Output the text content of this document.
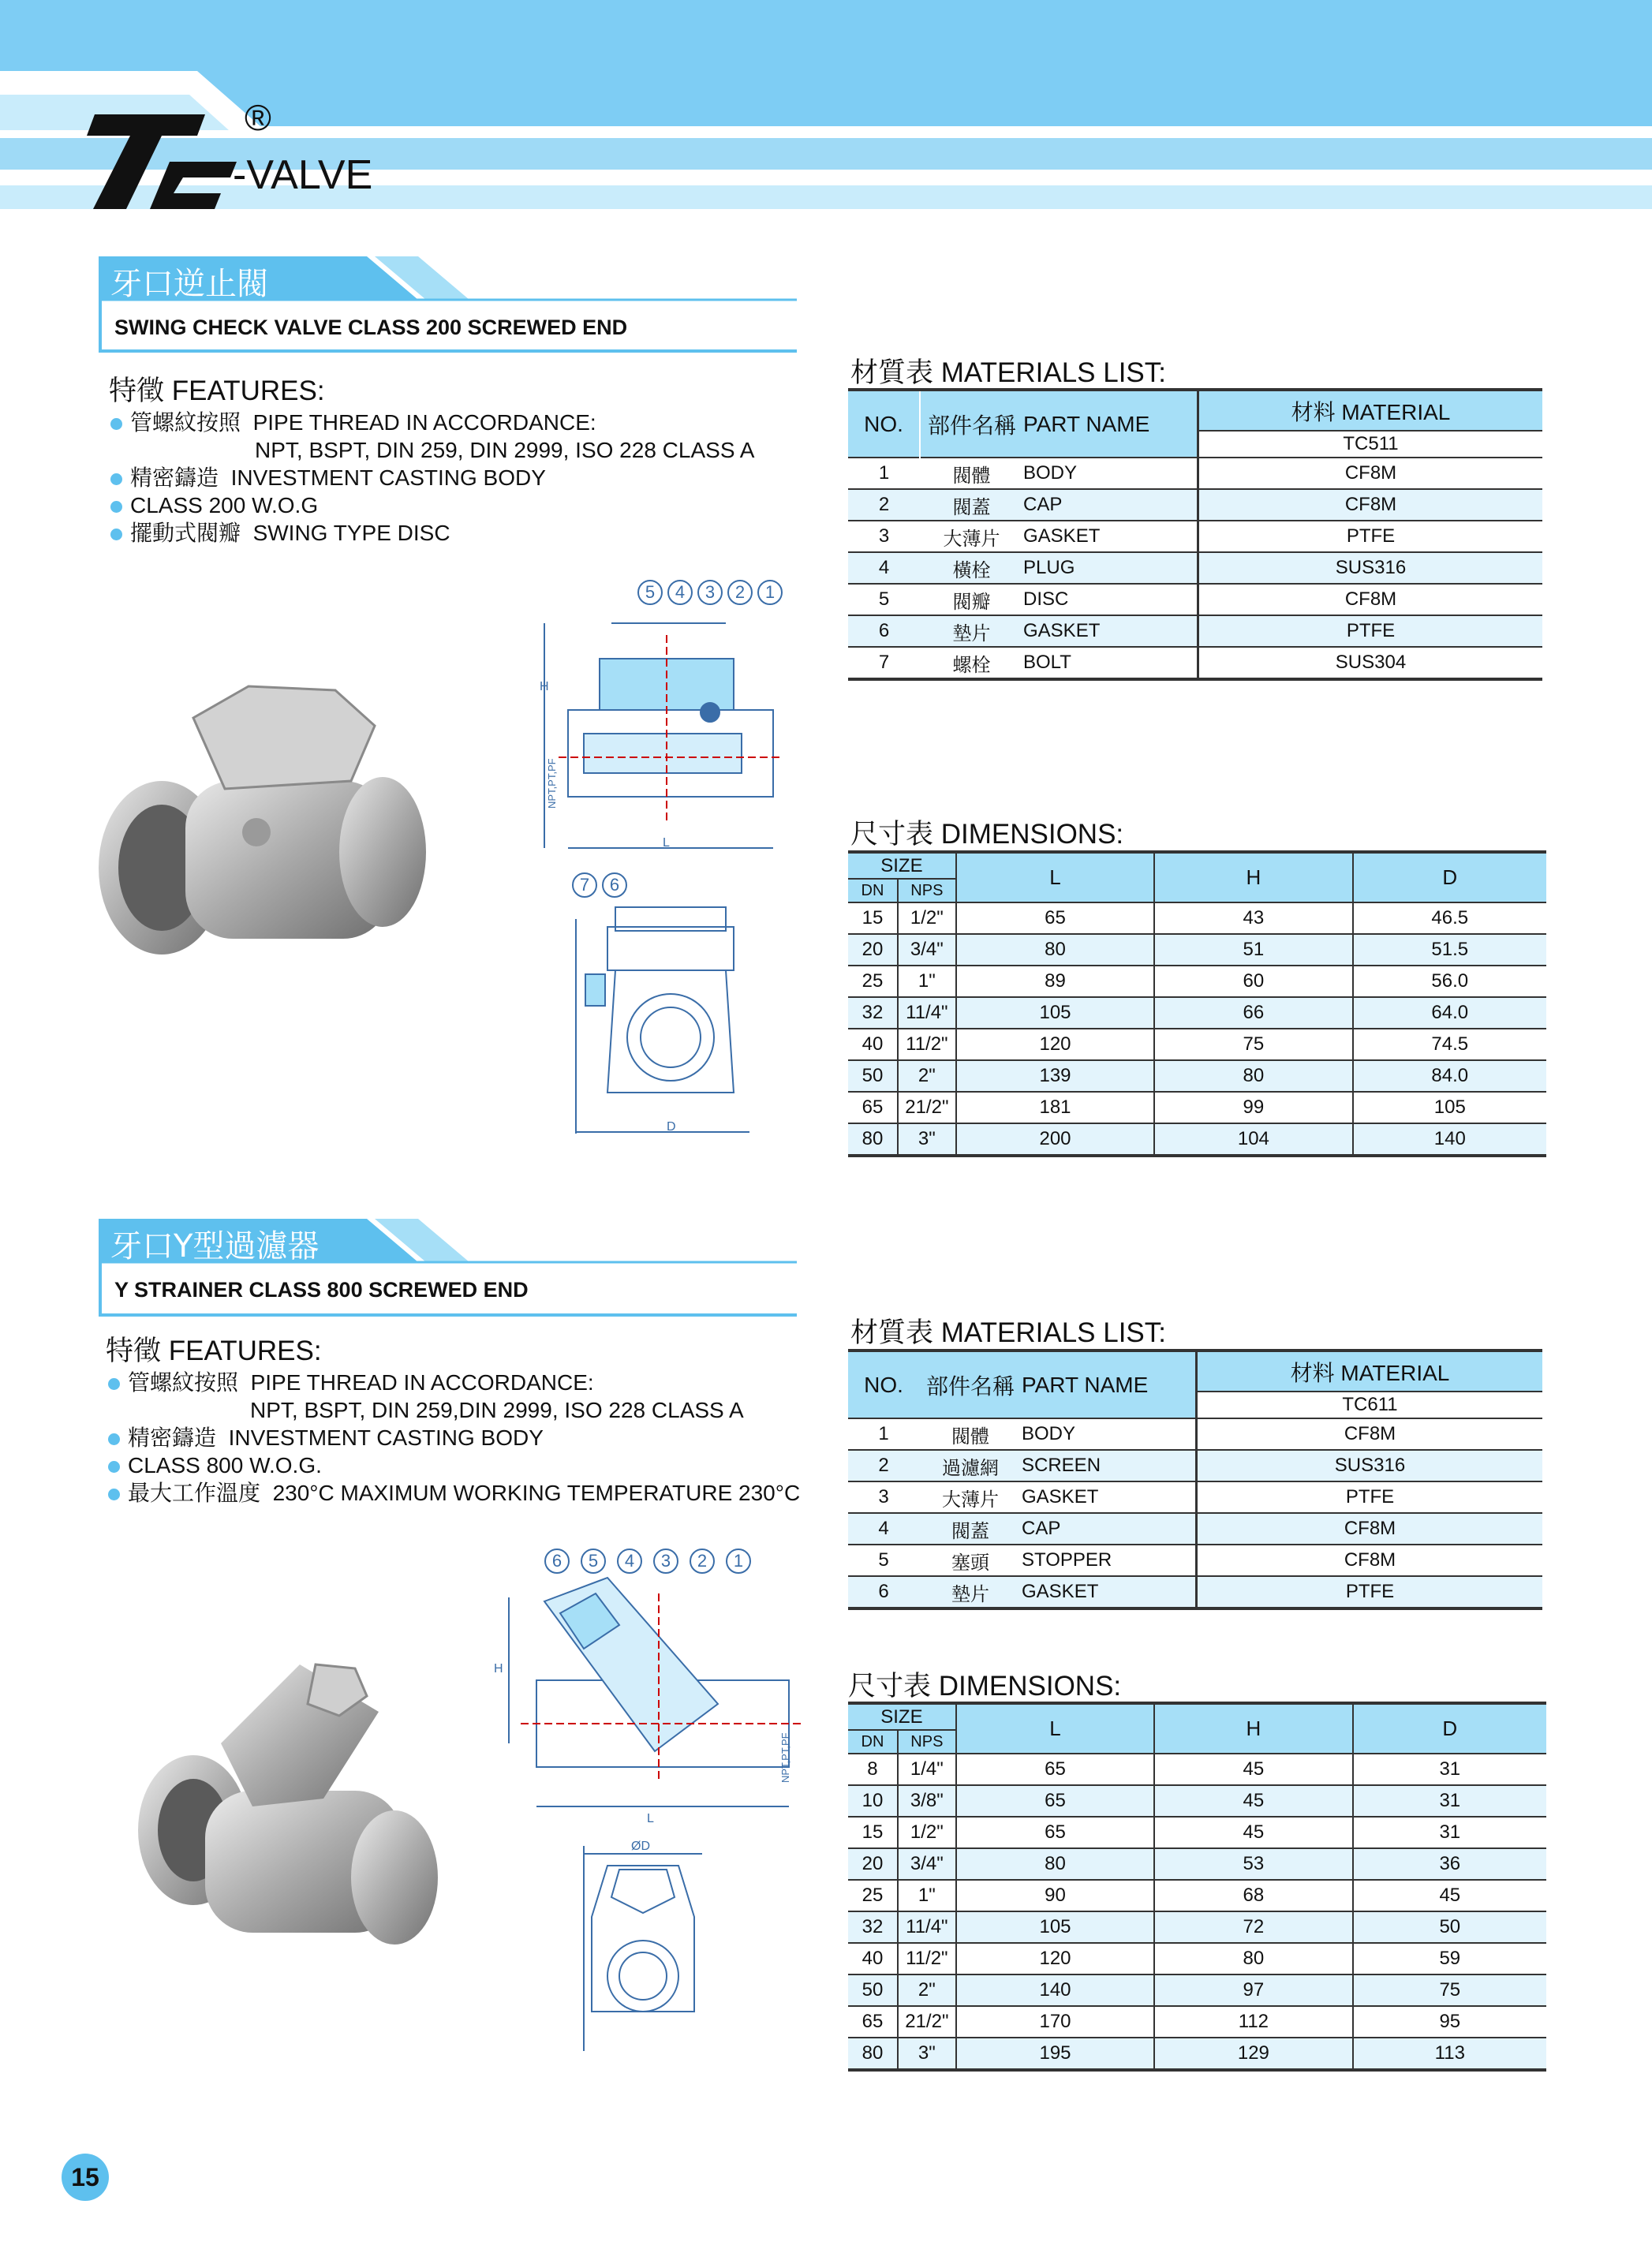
-VALVE
®
牙口逆止閥
SWING CHECK VALVE CLASS 200 SCREWED END
特徵 FEATURES:
管螺紋按照 PIPE THREAD IN ACCORDANCE:
NPT, BSPT, DIN 259, DIN 2999, ISO 228 CLASS A
精密鑄造 INVESTMENT CASTING BODY
CLASS 200 W.O.G
擺動式閥瓣 SWING TYPE DISC
H
L
D
NPT,PT,PF
5 4 3 2 1
7 6
材質表 MATERIALS LIST:
NO.	部件名稱	PART NAME	材料 MATERIAL
			TC511
1	閥體	BODY	CF8M
2	閥蓋	CAP	CF8M
3	大薄片	GASKET	PTFE
4	橫栓	PLUG	SUS316
5	閥瓣	DISC	CF8M
6	墊片	GASKET	PTFE
7	螺栓	BOLT	SUS304
尺寸表 DIMENSIONS:
SIZE		L	H	D
DN	NPS			
15	1/2"	65	43	46.5
20	3/4"	80	51	51.5
25	1"	89	60	56.0
32	11/4"	105	66	64.0
40	11/2"	120	75	74.5
50	2"	139	80	84.0
65	21/2"	181	99	105
80	3"	200	104	140
牙口Y型過濾器
Y STRAINER CLASS 800 SCREWED END
特徵 FEATURES:
管螺紋按照 PIPE THREAD IN ACCORDANCE:
NPT, BSPT, DIN 259,DIN 2999, ISO 228 CLASS A
精密鑄造 INVESTMENT CASTING BODY
CLASS 800 W.O.G.
最大工作溫度 230°C MAXIMUM WORKING TEMPERATURE 230°C
H
L
ØD
NPT,PT,PF
6 5 4 3 2 1
材質表 MATERIALS LIST:
NO.	部件名稱	PART NAME	材料 MATERIAL
			TC611
1	閥體	BODY	CF8M
2	過濾網	SCREEN	SUS316
3	大薄片	GASKET	PTFE
4	閥蓋	CAP	CF8M
5	塞頭	STOPPER	CF8M
6	墊片	GASKET	PTFE
尺寸表 DIMENSIONS:
SIZE		L	H	D
DN	NPS			
8	1/4"	65	45	31
10	3/8"	65	45	31
15	1/2"	65	45	31
20	3/4"	80	53	36
25	1"	90	68	45
32	11/4"	105	72	50
40	11/2"	120	80	59
50	2"	140	97	75
65	21/2"	170	112	95
80	3"	195	129	113
15
